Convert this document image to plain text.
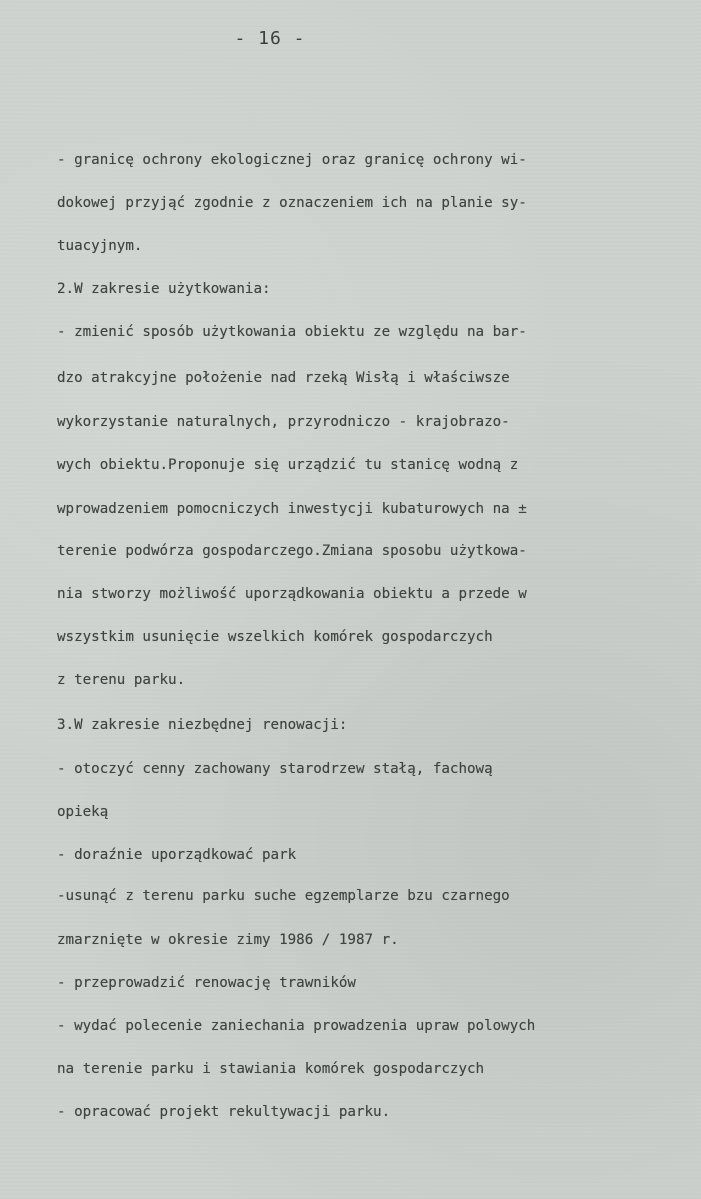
- 16 -
- granicę ochrony ekologicznej oraz granicę ochrony wi-
dokowej przyjąć zgodnie z oznaczeniem ich na planie sy-
tuacyjnym.
2.W zakresie użytkowania:
- zmienić sposób użytkowania obiektu ze względu na bar-
dzo atrakcyjne położenie nad rzeką Wisłą i właściwsze
wykorzystanie naturalnych, przyrodniczo - krajobrazo-
wych obiektu.Proponuje się urządzić tu stanicę wodną z
wprowadzeniem pomocniczych inwestycji kubaturowych na ±
terenie podwórza gospodarczego.Zmiana sposobu użytkowa-
nia stworzy możliwość uporządkowania obiektu a przede w
wszystkim usunięcie wszelkich komórek gospodarczych
z terenu parku.
3.W zakresie niezbędnej renowacji:
- otoczyć cenny zachowany starodrzew stałą, fachową
opieką
- doraźnie uporządkować park
-usunąć z terenu parku suche egzemplarze bzu czarnego
zmarznięte w okresie zimy 1986 / 1987 r.
- przeprowadzić renowację trawników
- wydać polecenie zaniechania prowadzenia upraw polowych
na terenie parku i stawiania komórek gospodarczych
- opracować projekt rekultywacji parku.
